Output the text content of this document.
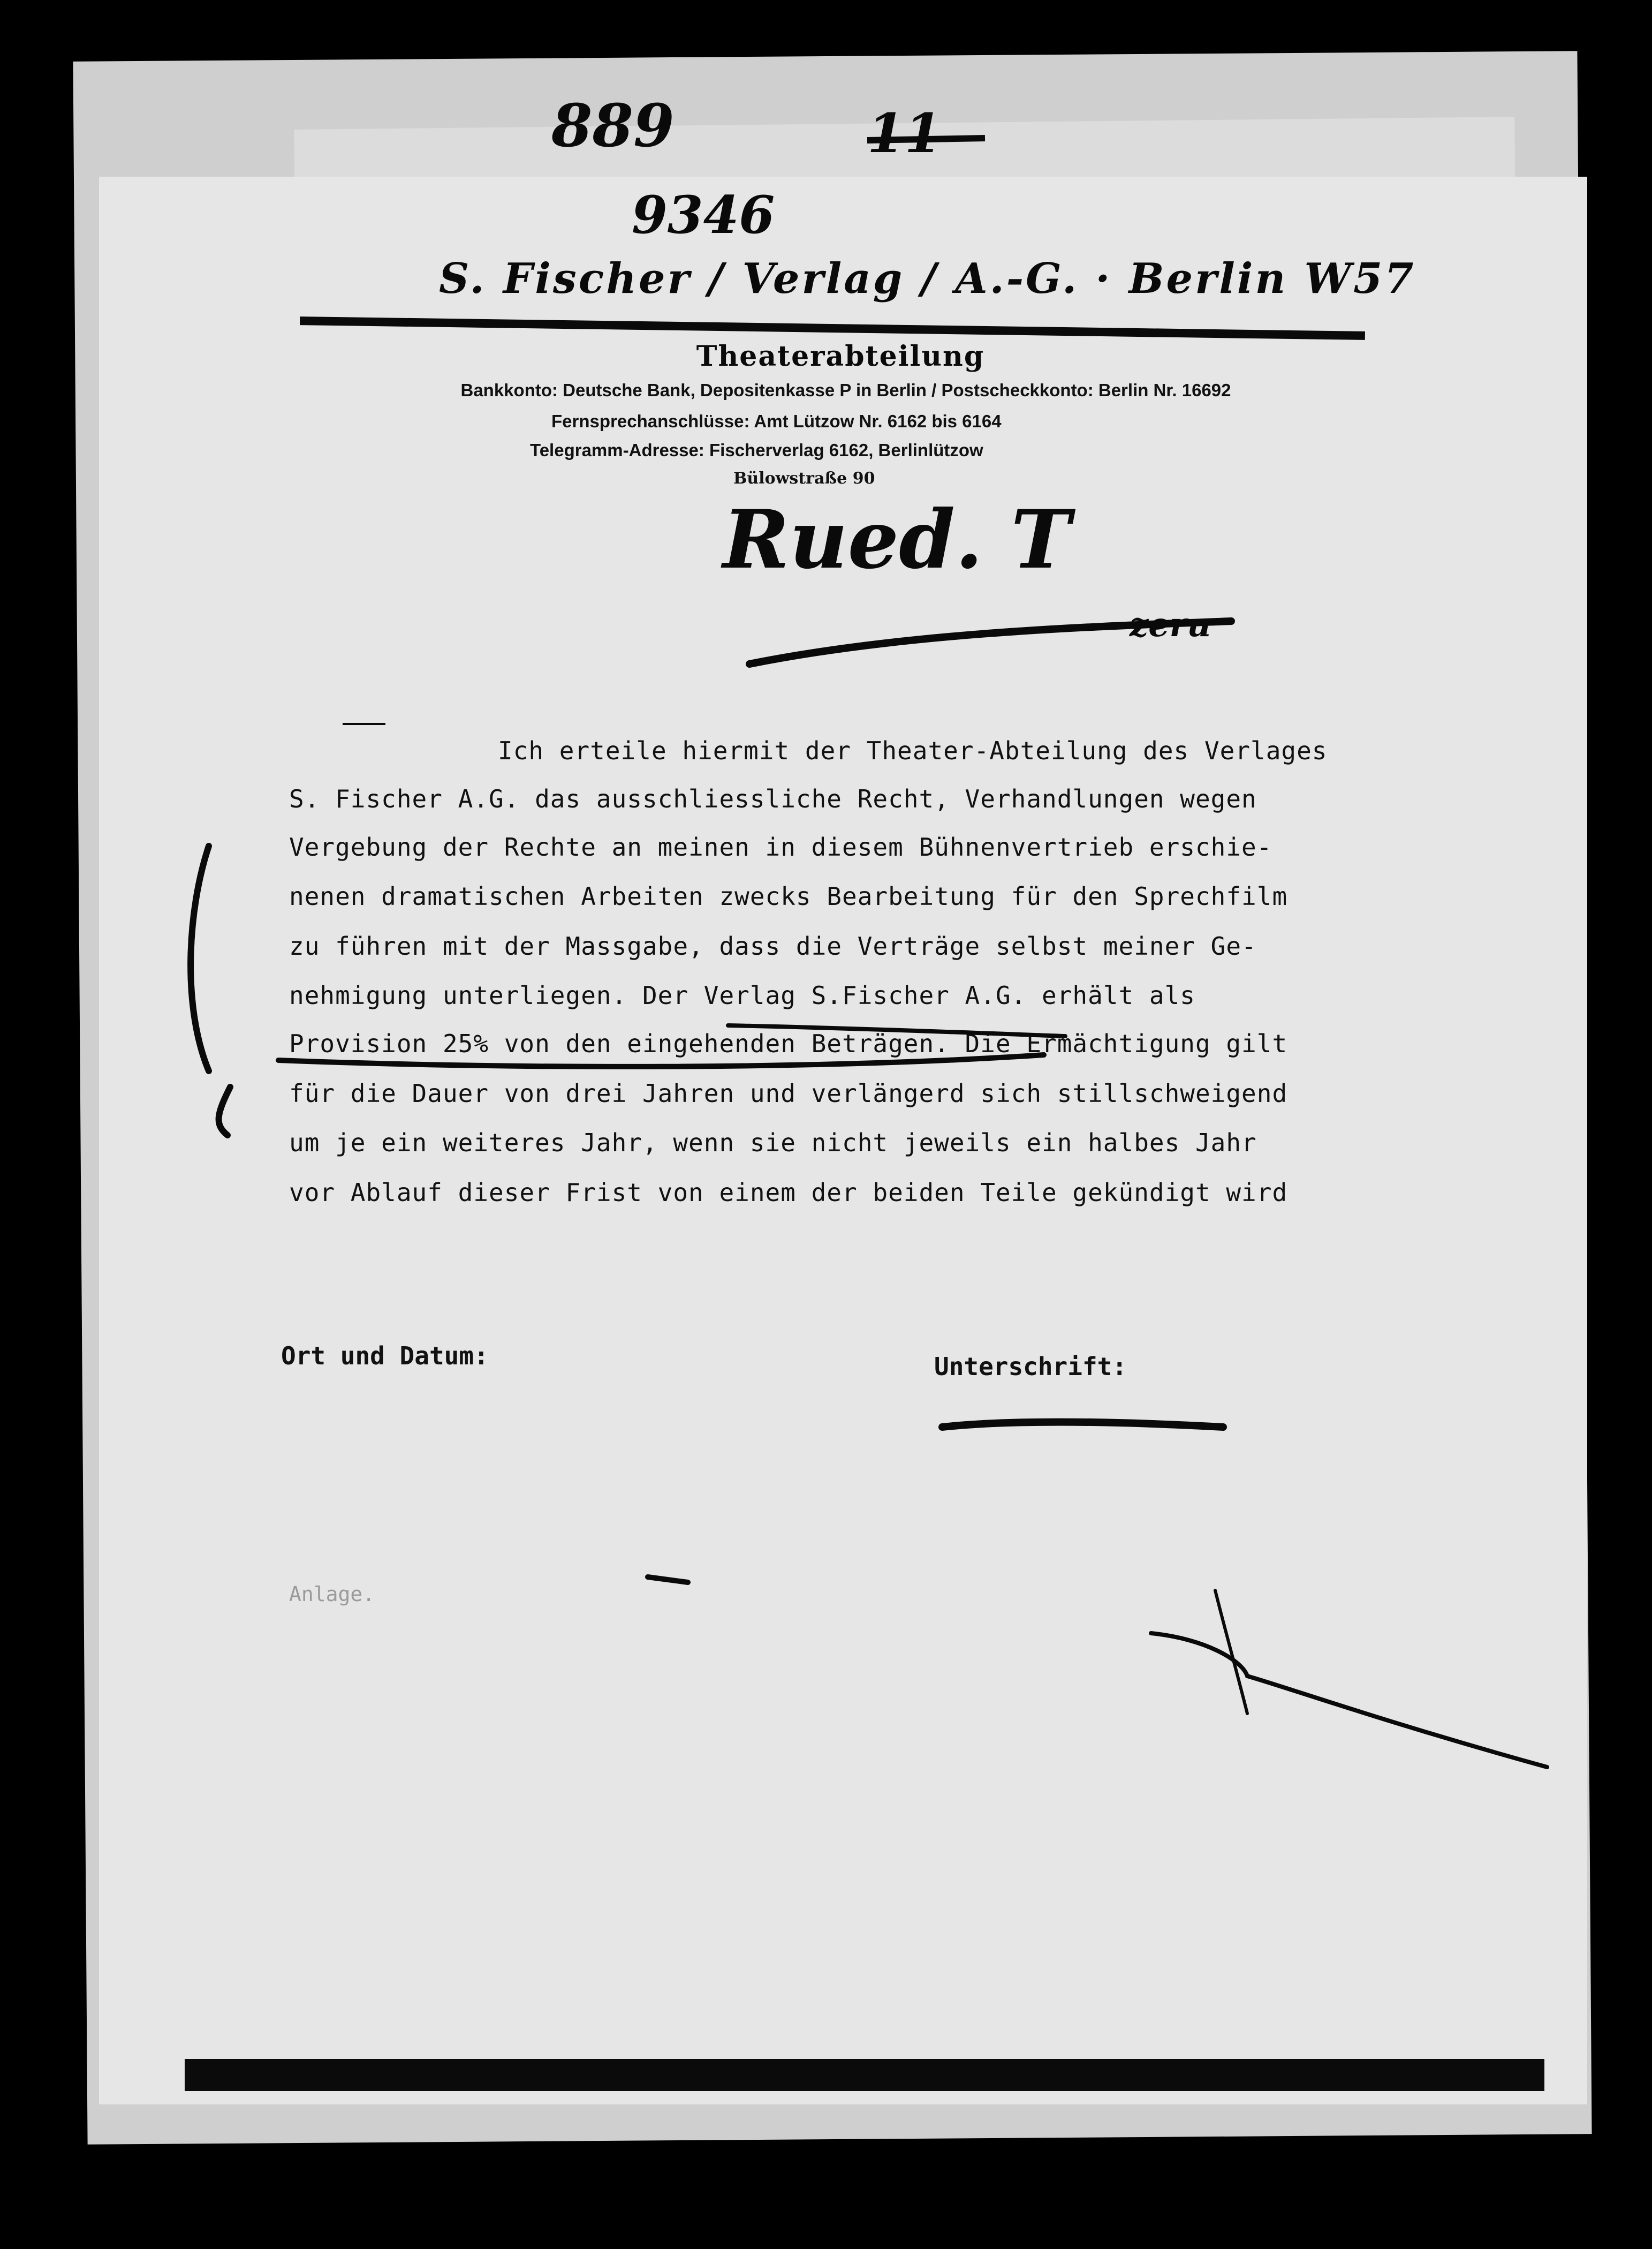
889	11
9346
S. Fischer / Verlag / A.-G. · Berlin W57
Theaterabteilung
Bankkonto: Deutsche Bank, Depositenkasse P in Berlin / Postscheckkonto: Berlin Nr. 16692
Fernsprechanschlüsse: Amt Lützow Nr. 6162 bis 6164
Telegramm-Adresse: Fischerverlag 6162, Berlinlützow
Bülowstraße 90
Rued. T
zeru
Anlage.
Ich erteile hiermit der Theater-Abteilung des Verlages
S. Fischer A.G. das ausschliessliche Recht, Verhandlungen wegen
Vergebung der Rechte an meinen in diesem Bühnenvertrieb erschie-
nenen dramatischen Arbeiten zwecks Bearbeitung für den Sprechfilm
zu führen mit der Massgabe, dass die Verträge selbst meiner Ge-
nehmigung unterliegen. Der Verlag S.Fischer A.G. erhält als
Provision 25% von den eingehenden Beträgen. Die Ermächtigung gilt
für die Dauer von drei Jahren und verlängerd sich stillschweigend
um je ein weiteres Jahr, wenn sie nicht jeweils ein halbes Jahr
vor Ablauf dieser Frist von einem der beiden Teile gekündigt wird
Ort und Datum:	Unterschrift:
